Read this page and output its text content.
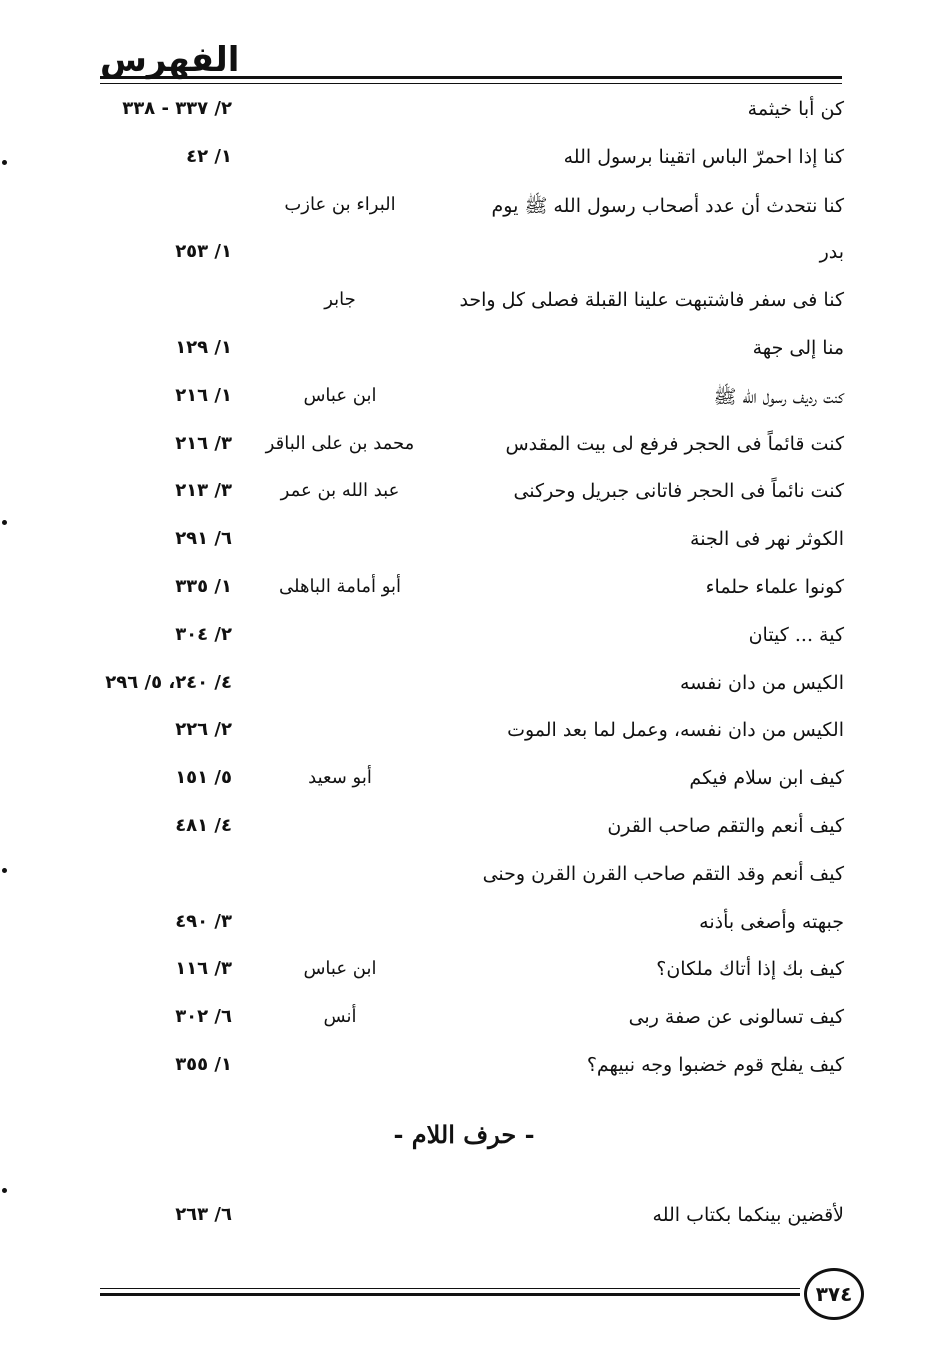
الفهرس
كن أبا خيثمة
٢/ ٣٣٧ - ٣٣٨
كنا إذا احمرّ الباس اتقينا برسول الله
١/ ٤٢
كنا نتحدث أن عدد أصحاب رسول الله ﷺ يوم
البراء بن عازب
بدر
١/ ٢٥٣
كنا فى سفر فاشتبهت علينا القبلة فصلى كل واحد
جابر
منا إلى جهة
١/ ١٢٩
كنت رديف رسول الله ﷺ
ابن عباس
١/ ٢١٦
كنت قائماً فى الحجر فرفع لى بيت المقدس
محمد بن على الباقر
٣/ ٢١٦
كنت نائماً فى الحجر فاتانى جبريل وحركنى
عبد الله بن عمر
٣/ ٢١٣
الكوثر نهر فى الجنة
٦/ ٢٩١
كونوا علماء حلماء
أبو أمامة الباهلى
١/ ٣٣٥
كية ... كيتان
٢/ ٣٠٤
الكيس من دان نفسه
٤/ ٢٤٠، ٥/ ٢٩٦
الكيس من دان نفسه، وعمل لما بعد الموت
٢/ ٢٢٦
كيف ابن سلام فيكم
أبو سعيد
٥/ ١٥١
كيف أنعم والتقم صاحب القرن
٤/ ٤٨١
كيف أنعم وقد التقم صاحب القرن القرن وحنى
جبهته وأصغى بأذنه
٣/ ٤٩٠
كيف بك إذا أتاك ملكان؟
ابن عباس
٣/ ١١٦
كيف تسالونى عن صفة ربى
أنس
٦/ ٣٠٢
كيف يفلح قوم خضبوا وجه نبيهم؟
١/ ٣٥٥
- حرف اللام -
لأقضين بينكما بكتاب الله
٦/ ٢٦٣
٣٧٤
